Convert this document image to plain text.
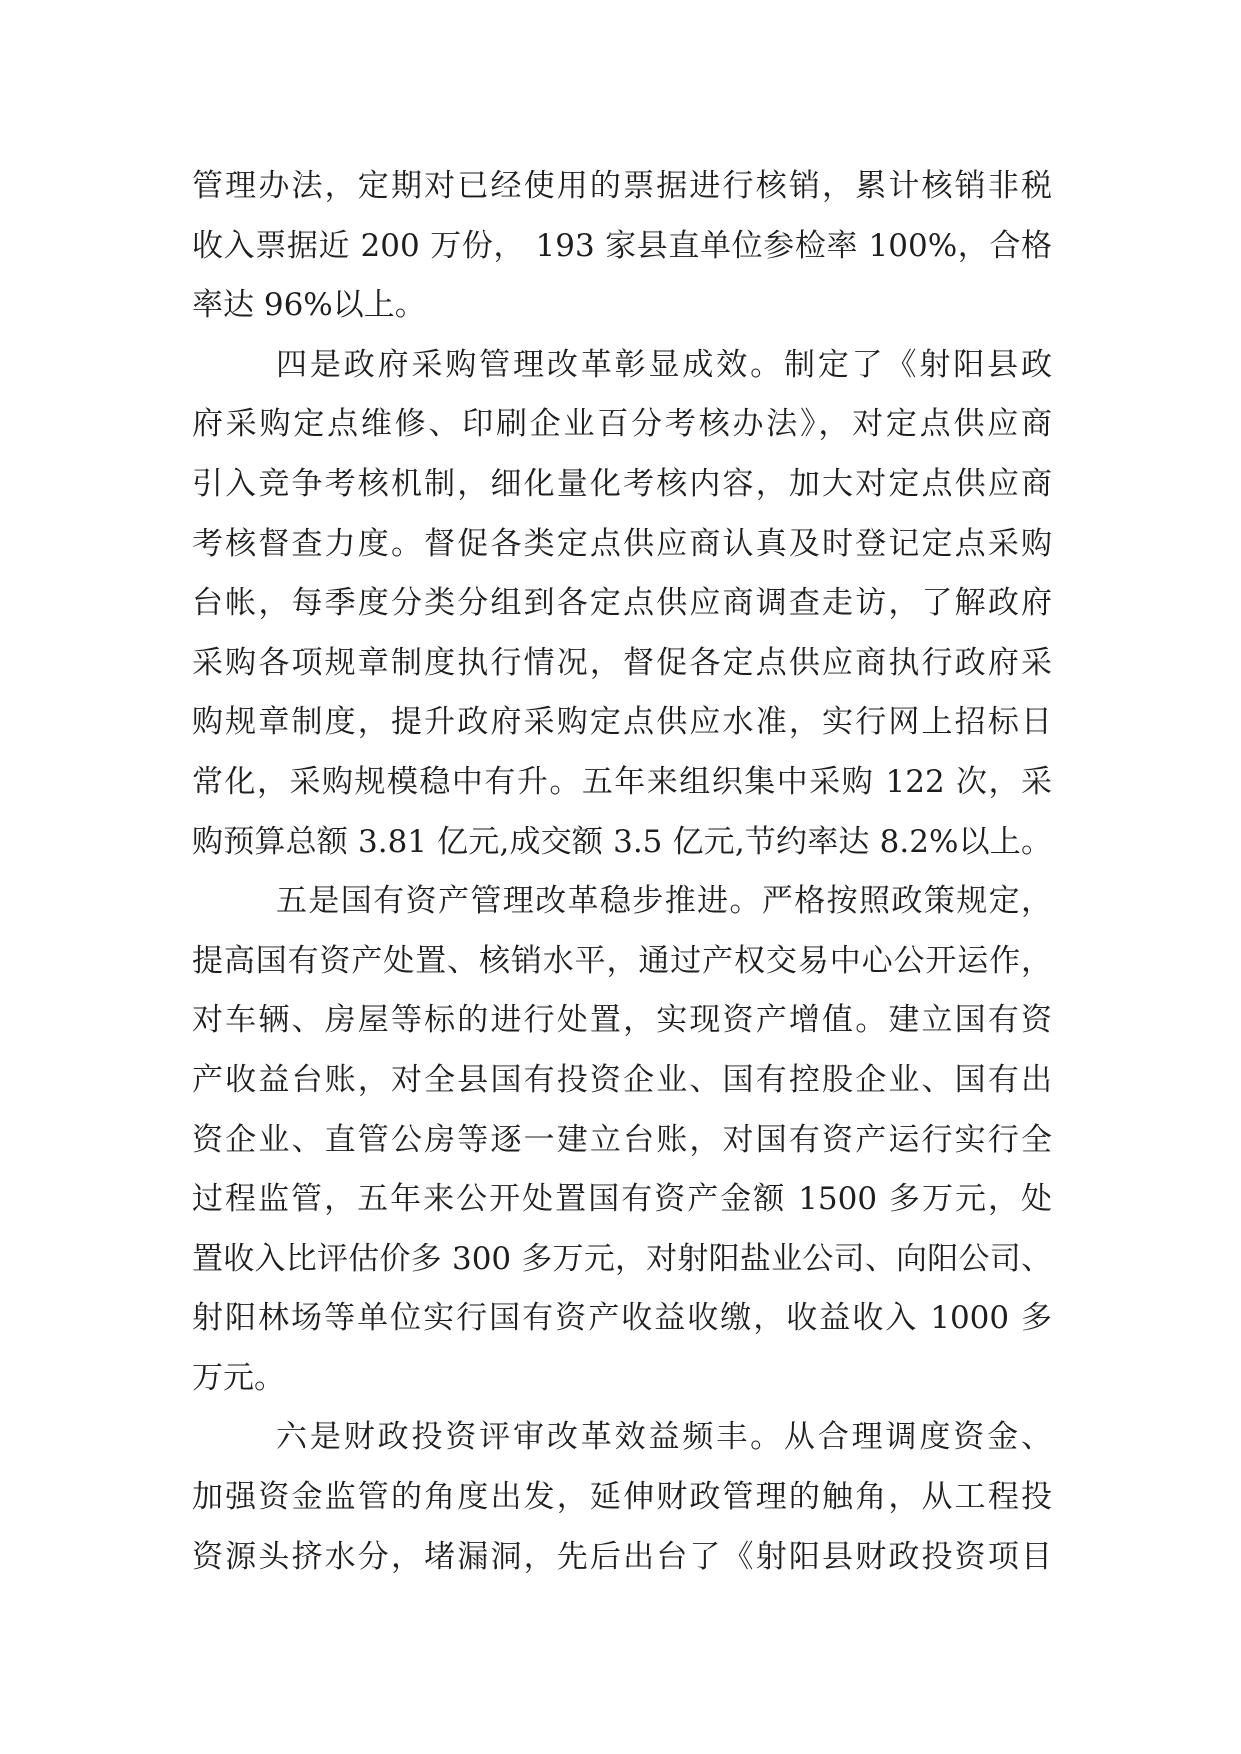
管理办法，定期对已经使用的票据进行核销，累计核销非税
收入票据近 200 万份， 193 家县直单位参检率 100%，合格
率达 96%以上。
四是政府采购管理改革彰显成效。制定了《射阳县政
府采购定点维修、印刷企业百分考核办法》，对定点供应商
引入竞争考核机制，细化量化考核内容，加大对定点供应商
考核督查力度。督促各类定点供应商认真及时登记定点采购
台帐，每季度分类分组到各定点供应商调查走访，了解政府
采购各项规章制度执行情况，督促各定点供应商执行政府采
购规章制度，提升政府采购定点供应水准，实行网上招标日
常化，采购规模稳中有升。五年来组织集中采购 122 次，采
购预算总额 3.81 亿元,成交额 3.5 亿元,节约率达 8.2%以上。
五是国有资产管理改革稳步推进。严格按照政策规定，
提高国有资产处置、核销水平，通过产权交易中心公开运作，
对车辆、房屋等标的进行处置，实现资产增值。建立国有资
产收益台账，对全县国有投资企业、国有控股企业、国有出
资企业、直管公房等逐一建立台账，对国有资产运行实行全
过程监管，五年来公开处置国有资产金额 1500 多万元，处
置收入比评估价多 300 多万元，对射阳盐业公司、向阳公司、
射阳林场等单位实行国有资产收益收缴，收益收入 1000 多
万元。
六是财政投资评审改革效益频丰。从合理调度资金、
加强资金监管的角度出发，延伸财政管理的触角，从工程投
资源头挤水分，堵漏洞，先后出台了《射阳县财政投资项目
